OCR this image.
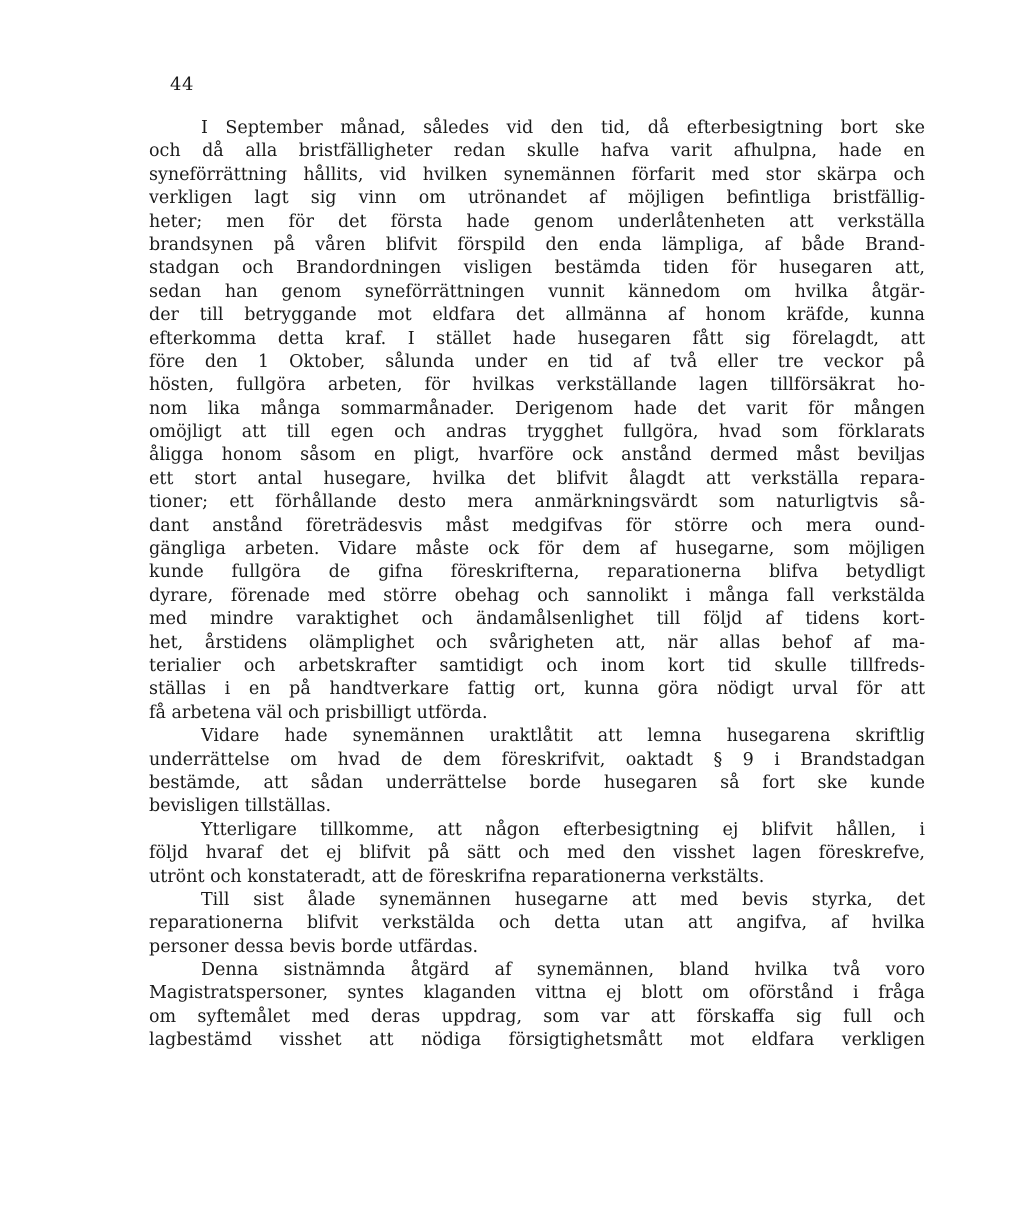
44
I September månad, således vid den tid, då efterbesigtning bort ske
och då alla bristfälligheter redan skulle hafva varit afhulpna, hade en
syneförrättning hållits, vid hvilken synemännen förfarit med stor skärpa och
verkligen lagt sig vinn om utrönandet af möjligen befintliga bristfällig-
heter; men för det första hade genom underlåtenheten att verkställa
brandsynen på våren blifvit förspild den enda lämpliga, af både Brand-
stadgan och Brandordningen visligen bestämda tiden för husegaren att,
sedan han genom syneförrättningen vunnit kännedom om hvilka åtgär-
der till betryggande mot eldfara det allmänna af honom kräfde, kunna
efterkomma detta kraf. I stället hade husegaren fått sig förelagdt, att
före den 1 Oktober, sålunda under en tid af två eller tre veckor på
hösten, fullgöra arbeten, för hvilkas verkställande lagen tillförsäkrat ho-
nom lika många sommarmånader. Derigenom hade det varit för mången
omöjligt att till egen och andras trygghet fullgöra, hvad som förklarats
åligga honom såsom en pligt, hvarföre ock anstånd dermed måst beviljas
ett stort antal husegare, hvilka det blifvit ålagdt att verkställa repara-
tioner; ett förhållande desto mera anmärkningsvärdt som naturligtvis så-
dant anstånd företrädesvis måst medgifvas för större och mera ound-
gängliga arbeten. Vidare måste ock för dem af husegarne, som möjligen
kunde fullgöra de gifna föreskrifterna, reparationerna blifva betydligt
dyrare, förenade med större obehag och sannolikt i många fall verkstälda
med mindre varaktighet och ändamålsenlighet till följd af tidens kort-
het, årstidens olämplighet och svårigheten att, när allas behof af ma-
terialier och arbetskrafter samtidigt och inom kort tid skulle tillfreds-
ställas i en på handtverkare fattig ort, kunna göra nödigt urval för att
få arbetena väl och prisbilligt utförda.
Vidare hade synemännen uraktlåtit att lemna husegarena skriftlig
underrättelse om hvad de dem föreskrifvit, oaktadt § 9 i Brandstadgan
bestämde, att sådan underrättelse borde husegaren så fort ske kunde
bevisligen tillställas.
Ytterligare tillkomme, att någon efterbesigtning ej blifvit hållen, i
följd hvaraf det ej blifvit på sätt och med den visshet lagen föreskrefve,
utrönt och konstateradt, att de föreskrifna reparationerna verkstälts.
Till sist ålade synemännen husegarne att med bevis styrka, det
reparationerna blifvit verkstälda och detta utan att angifva, af hvilka
personer dessa bevis borde utfärdas.
Denna sistnämnda åtgärd af synemännen, bland hvilka två voro
Magistratspersoner, syntes klaganden vittna ej blott om oförstånd i fråga
om syftemålet med deras uppdrag, som var att förskaffa sig full och
lagbestämd visshet att nödiga försigtighetsmått mot eldfara verkligen
